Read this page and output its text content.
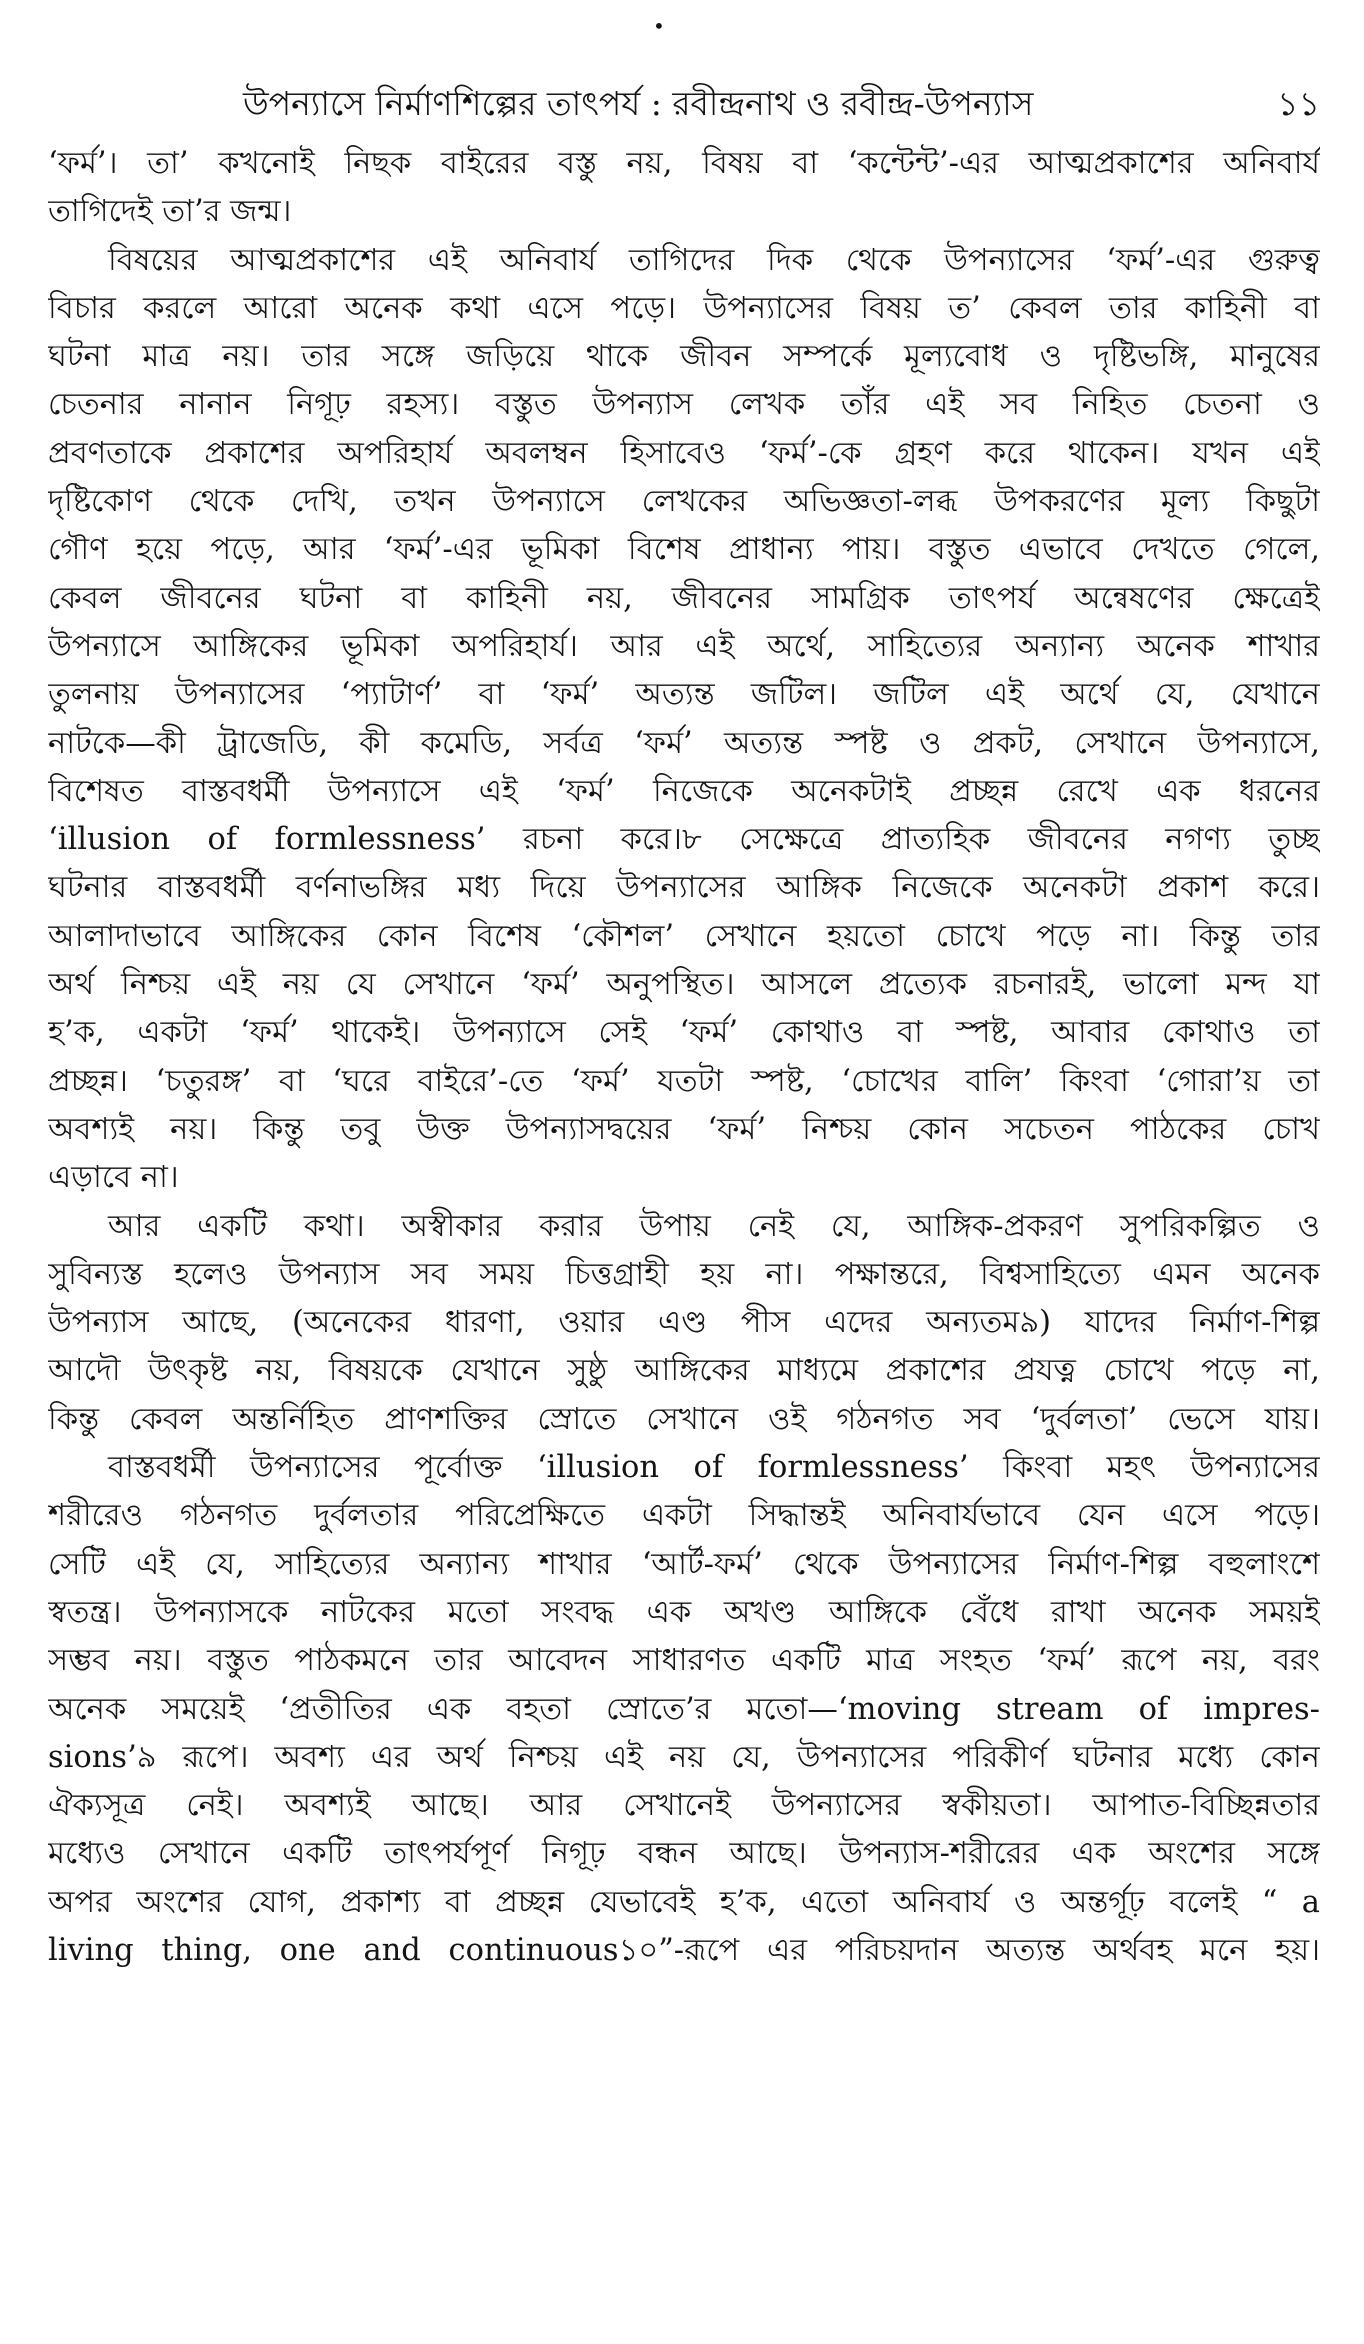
•
উপন্যাসে নির্মাণশিল্পের তাৎপর্য : রবীন্দ্রনাথ ও রবীন্দ্র-উপন্যাস	১১
‘ফর্ম’। তা’ কখনোই নিছক বাইরের বস্তু নয়, বিষয় বা ‘কন্টেন্ট’-এর আত্মপ্রকাশের অনিবার্য
তাগিদেই তা’র জন্ম।
বিষয়ের আত্মপ্রকাশের এই অনিবার্য তাগিদের দিক থেকে উপন্যাসের ‘ফর্ম’-এর গুরুত্ব
বিচার করলে আরো অনেক কথা এসে পড়ে। উপন্যাসের বিষয় ত’ কেবল তার কাহিনী বা
ঘটনা মাত্র নয়। তার সঙ্গে জড়িয়ে থাকে জীবন সম্পর্কে মূল্যবোধ ও দৃষ্টিভঙ্গি, মানুষের
চেতনার নানান নিগূঢ় রহস্য। বস্তুত উপন্যাস লেখক তাঁর এই সব নিহিত চেতনা ও
প্রবণতাকে প্রকাশের অপরিহার্য অবলম্বন হিসাবেও ‘ফর্ম’-কে গ্রহণ করে থাকেন। যখন এই
দৃষ্টিকোণ থেকে দেখি, তখন উপন্যাসে লেখকের অভিজ্ঞতা-লব্ধ উপকরণের মূল্য কিছুটা
গৌণ হয়ে পড়ে, আর ‘ফর্ম’-এর ভূমিকা বিশেষ প্রাধান্য পায়। বস্তুত এভাবে দেখতে গেলে,
কেবল জীবনের ঘটনা বা কাহিনী নয়, জীবনের সামগ্রিক তাৎপর্য অন্বেষণের ক্ষেত্রেই
উপন্যাসে আঙ্গিকের ভূমিকা অপরিহার্য। আর এই অর্থে, সাহিত্যের অন্যান্য অনেক শাখার
তুলনায় উপন্যাসের ‘প্যাটার্ণ’ বা ‘ফর্ম’ অত্যন্ত জটিল। জটিল এই অর্থে যে, যেখানে
নাটকে—কী ট্রাজেডি, কী কমেডি, সর্বত্র ‘ফর্ম’ অত্যন্ত স্পষ্ট ও প্রকট, সেখানে উপন্যাসে,
বিশেষত বাস্তবধর্মী উপন্যাসে এই ‘ফর্ম’ নিজেকে অনেকটাই প্রচ্ছন্ন রেখে এক ধরনের
‘illusion of formlessness’ রচনা করে।৮ সেক্ষেত্রে প্রাত্যহিক জীবনের নগণ্য তুচ্ছ
ঘটনার বাস্তবধর্মী বর্ণনাভঙ্গির মধ্য দিয়ে উপন্যাসের আঙ্গিক নিজেকে অনেকটা প্রকাশ করে।
আলাদাভাবে আঙ্গিকের কোন বিশেষ ‘কৌশল’ সেখানে হয়তো চোখে পড়ে না। কিন্তু তার
অর্থ নিশ্চয় এই নয় যে সেখানে ‘ফর্ম’ অনুপস্থিত। আসলে প্রত্যেক রচনারই, ভালো মন্দ যা
হ’ক, একটা ‘ফর্ম’ থাকেই। উপন্যাসে সেই ‘ফর্ম’ কোথাও বা স্পষ্ট, আবার কোথাও তা
প্রচ্ছন্ন। ‘চতুরঙ্গ’ বা ‘ঘরে বাইরে’-তে ‘ফর্ম’ যতটা স্পষ্ট, ‘চোখের বালি’ কিংবা ‘গোরা’য় তা
অবশ্যই নয়। কিন্তু তবু উক্ত উপন্যাসদ্বয়ের ‘ফর্ম’ নিশ্চয় কোন সচেতন পাঠকের চোখ
এড়াবে না।
আর একটি কথা। অস্বীকার করার উপায় নেই যে, আঙ্গিক-প্রকরণ সুপরিকল্পিত ও
সুবিন্যস্ত হলেও উপন্যাস সব সময় চিত্তগ্রাহী হয় না। পক্ষান্তরে, বিশ্বসাহিত্যে এমন অনেক
উপন্যাস আছে, (অনেকের ধারণা, ওয়ার এণ্ড পীস এদের অন্যতম৯) যাদের নির্মাণ-শিল্প
আদৌ উৎকৃষ্ট নয়, বিষয়কে যেখানে সুষ্ঠু আঙ্গিকের মাধ্যমে প্রকাশের প্রযত্ন চোখে পড়ে না,
কিন্তু কেবল অন্তর্নিহিত প্রাণশক্তির স্রোতে সেখানে ওই গঠনগত সব ‘দুর্বলতা’ ভেসে যায়।
বাস্তবধর্মী উপন্যাসের পূর্বোক্ত ‘illusion of formlessness’ কিংবা মহৎ উপন্যাসের
শরীরেও গঠনগত দুর্বলতার পরিপ্রেক্ষিতে একটা সিদ্ধান্তই অনিবার্যভাবে যেন এসে পড়ে।
সেটি এই যে, সাহিত্যের অন্যান্য শাখার ‘আর্ট-ফর্ম’ থেকে উপন্যাসের নির্মাণ-শিল্প বহুলাংশে
স্বতন্ত্র। উপন্যাসকে নাটকের মতো সংবদ্ধ এক অখণ্ড আঙ্গিকে বেঁধে রাখা অনেক সময়ই
সম্ভব নয়। বস্তুত পাঠকমনে তার আবেদন সাধারণত একটি মাত্র সংহত ‘ফর্ম’ রূপে নয়, বরং
অনেক সময়েই ‘প্রতীতির এক বহতা স্রোতে’র মতো—‘moving stream of impres-
sions’৯ রূপে। অবশ্য এর অর্থ নিশ্চয় এই নয় যে, উপন্যাসের পরিকীর্ণ ঘটনার মধ্যে কোন
ঐক্যসূত্র নেই। অবশ্যই আছে। আর সেখানেই উপন্যাসের স্বকীয়তা। আপাত-বিচ্ছিন্নতার
মধ্যেও সেখানে একটি তাৎপর্যপূর্ণ নিগূঢ় বন্ধন আছে। উপন্যাস-শরীরের এক অংশের সঙ্গে
অপর অংশের যোগ, প্রকাশ্য বা প্রচ্ছন্ন যেভাবেই হ’ক, এতো অনিবার্য ও অন্তর্গূঢ় বলেই “ a
living thing, one and continuous১০”-রূপে এর পরিচয়দান অত্যন্ত অর্থবহ মনে হয়।
